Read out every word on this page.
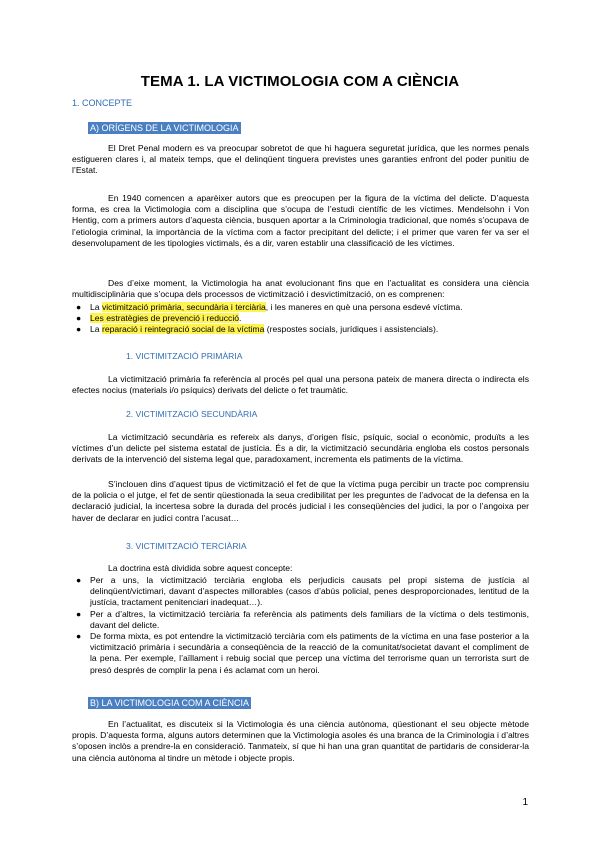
TEMA 1. LA VICTIMOLOGIA COM A CIÈNCIA
1. CONCEPTE
A) ORÍGENS DE LA VICTIMOLOGIA
El Dret Penal modern es va preocupar sobretot de que hi haguera seguretat jurídica, que les normes penals estigueren clares i, al mateix temps, que el delinqüent tinguera previstes unes garanties enfront del poder punitiu de l’Estat.
En 1940 comencen a aparèixer autors que es preocupen per la figura de la víctima del delicte. D’aquesta forma, es crea la Victimologia com a disciplina que s’ocupa de l’estudi científic de les víctimes. Mendelsohn i Von Hentig, com a primers autors d’aquesta ciència, busquen aportar a la Criminologia tradicional, que només s’ocupava de l’etiologia criminal, la importància de la víctima com a factor precipitant del delicte; i el primer que varen fer va ser el desenvolupament de les tipologies victimals, és a dir, varen establir una classificació de les víctimes.
Des d’eixe moment, la Victimologia ha anat evolucionant fins que en l’actualitat es considera una ciència multidisciplinària que s’ocupa dels processos de victimització i desvictimització, on es comprenen:
● La victimització primària, secundària i terciària, i les maneres en què una persona esdevé víctima.
● Les estratègies de prevenció i reducció.
● La reparació i reintegració social de la víctima (respostes socials, jurídiques i assistencials).
1. VICTIMITZACIÓ PRIMÀRIA
La victimització primària fa referència al procés pel qual una persona pateix de manera directa o indirecta els efectes nocius (materials i/o psíquics) derivats del delicte o fet traumàtic.
2. VICTIMITZACIÓ SECUNDÀRIA
La victimització secundària es refereix als danys, d’origen físic, psíquic, social o econòmic, produïts a les víctimes d’un delicte pel sistema estatal de justícia. És a dir, la victimització secundària engloba els costos personals derivats de la intervenció del sistema legal que, paradoxament, incrementa els patiments de la víctima.
S’inclouen dins d’aquest tipus de victimització el fet de que la víctima puga percibir un tracte poc comprensiu de la policia o el jutge, el fet de sentir qüestionada la seua credibilitat per les preguntes de l’advocat de la defensa en la declaració judicial, la incertesa sobre la durada del procés judicial i les conseqüències del judici, la por o l’angoixa per haver de declarar en judici contra l’acusat…
3. VICTIMITZACIÓ TERCIÀRIA
La doctrina està dividida sobre aquest concepte:
● Per a uns, la victimització terciària engloba els perjudicis causats pel propi sistema de justícia al delinqüent/victimari, davant d’aspectes millorables (casos d’abús policial, penes desproporcionades, lentitud de la justícia, tractament penitenciari inadequat…).
● Per a d’altres, la victimització terciària fa referència als patiments dels familiars de la víctima o dels testimonis, davant del delicte.
● De forma mixta, es pot entendre la victimització terciària com els patiments de la víctima en una fase posterior a la victimització primària i secundària a conseqüència de la reacció de la comunitat/societat davant el compliment de la pena. Per exemple, l’aïllament i rebuig social que percep una víctima del terrorisme quan un terrorista surt de presó després de complir la pena i és aclamat com un heroi.
B) LA VICTIMOLOGIA COM A CIÈNCIA
En l’actualitat, es discuteix si la Victimologia és una ciència autònoma, qüestionant el seu objecte mètode propis. D’aquesta forma, alguns autors determinen que la Victimologia asoles és una branca de la Criminologia i d’altres s’oposen inclòs a prendre-la en consideració. Tanmateix, sí que hi han una gran quantitat de partidaris de considerar-la una ciència autònoma al tindre un mètode i objecte propis.
1
